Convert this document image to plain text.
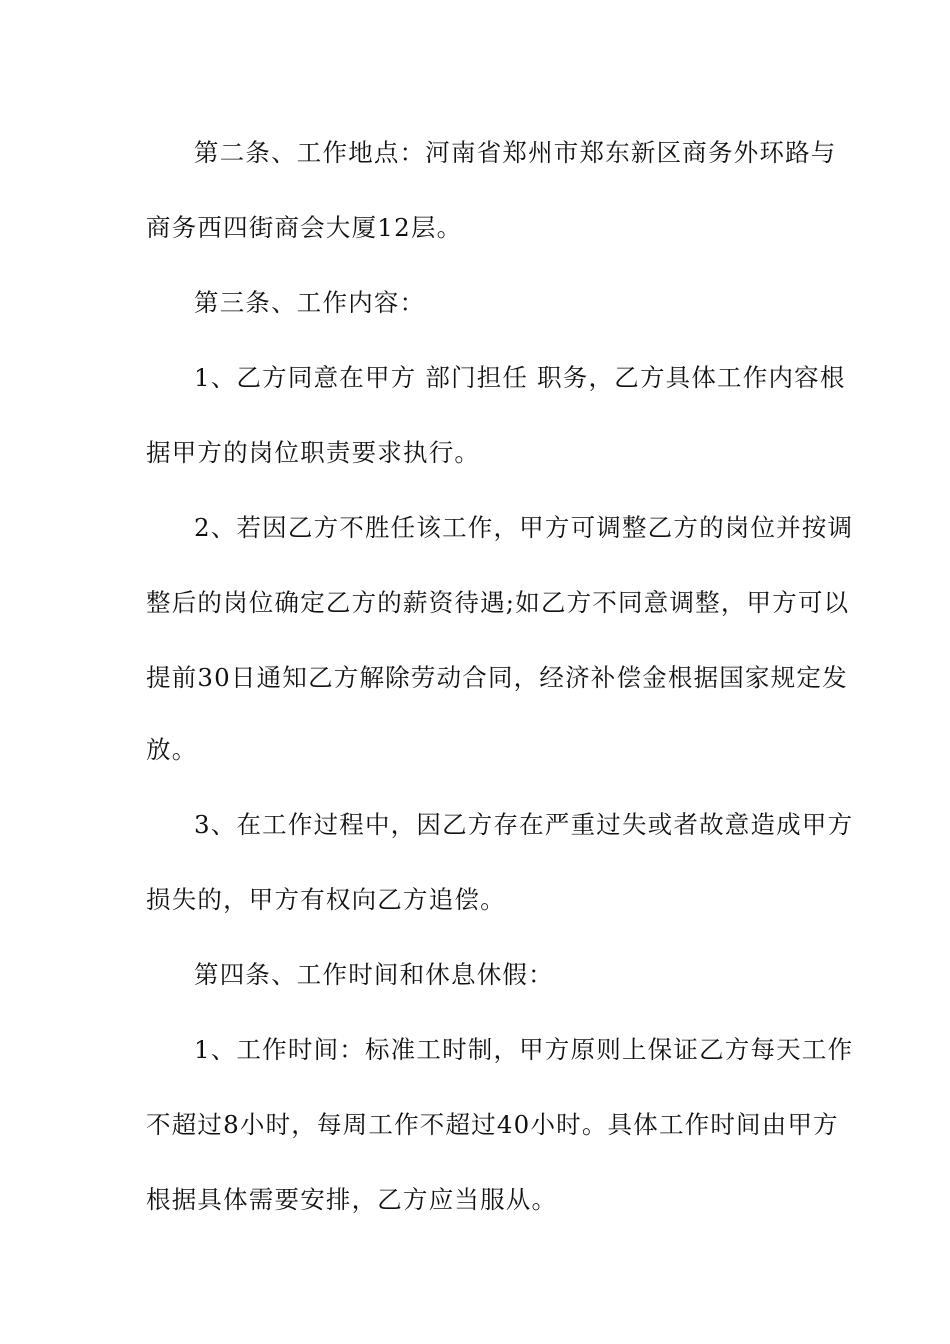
第二条、工作地点：河南省郑州市郑东新区商务外环路与
商务西四街商会大厦12层。
第三条、工作内容：
1、乙方同意在甲方 部门担任 职务，乙方具体工作内容根
据甲方的岗位职责要求执行。
2、若因乙方不胜任该工作，甲方可调整乙方的岗位并按调
整后的岗位确定乙方的薪资待遇;如乙方不同意调整，甲方可以
提前30日通知乙方解除劳动合同，经济补偿金根据国家规定发
放。
3、在工作过程中，因乙方存在严重过失或者故意造成甲方
损失的，甲方有权向乙方追偿。
第四条、工作时间和休息休假：
1、工作时间：标准工时制，甲方原则上保证乙方每天工作
不超过8小时，每周工作不超过40小时。具体工作时间由甲方
根据具体需要安排，乙方应当服从。
